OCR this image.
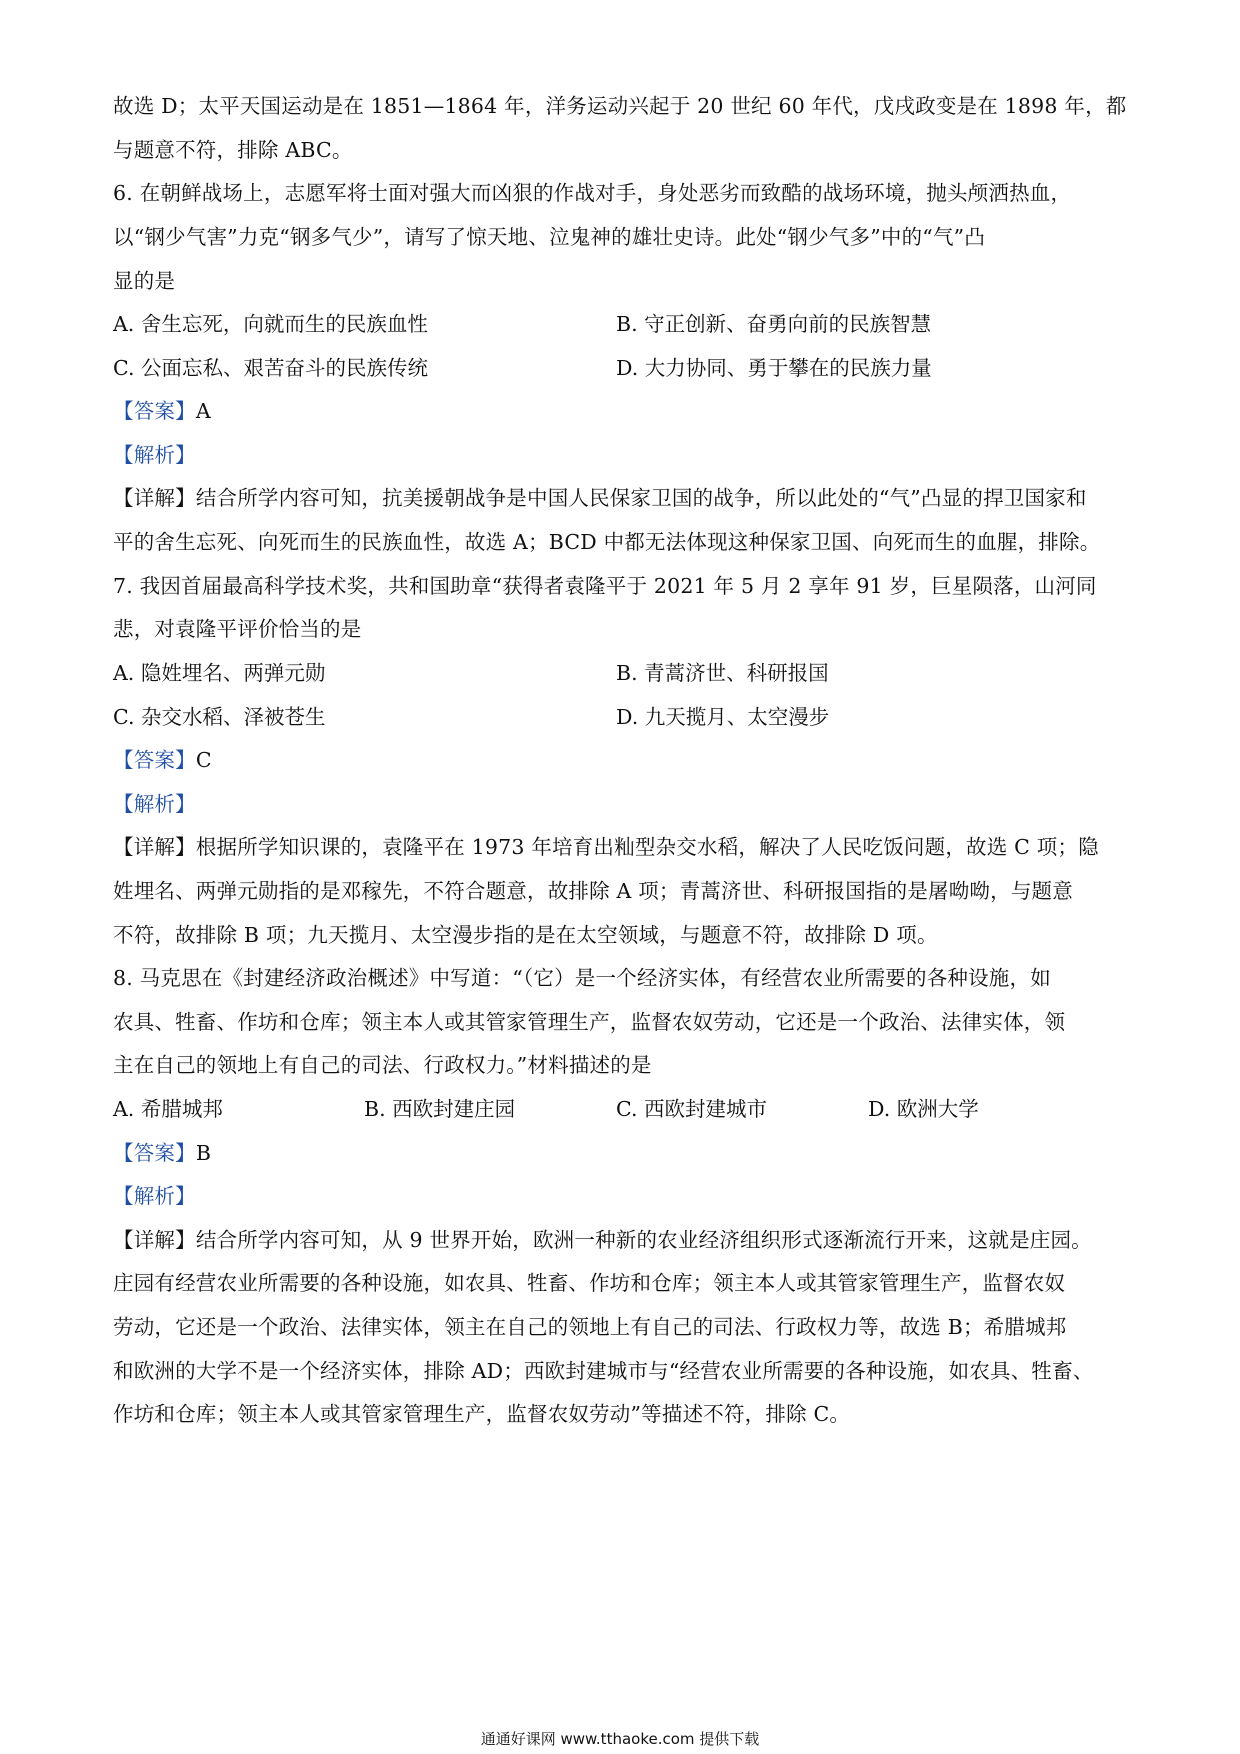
故选 D；太平天国运动是在 1851—1864 年，洋务运动兴起于 20 世纪 60 年代，戊戌政变是在 1898 年，都
与题意不符，排除 ABC。
6. 在朝鲜战场上，志愿军将士面对强大而凶狠的作战对手，身处恶劣而致酷的战场环境，抛头颅洒热血，
以“钢少气害”力克“钢多气少”，请写了惊天地、泣鬼神的雄壮史诗。此处“钢少气多”中的“气”凸
显的是
A. 舍生忘死，向就而生的民族血性	B. 守正创新、奋勇向前的民族智慧
C. 公面忘私、艰苦奋斗的民族传统	D. 大力协同、勇于攀在的民族力量
【答案】A
【解析】
【详解】结合所学内容可知，抗美援朝战争是中国人民保家卫国的战争，所以此处的“气”凸显的捍卫国家和
平的舍生忘死、向死而生的民族血性，故选 A；BCD 中都无法体现这种保家卫国、向死而生的血腥，排除。
7. 我因首届最高科学技术奖，共和国助章“获得者袁隆平于 2021 年 5 月 2 享年 91 岁，巨星陨落，山河同
悲，对袁隆平评价恰当的是
A. 隐姓埋名、两弹元勋	B. 青蒿济世、科研报国
C. 杂交水稻、泽被苍生	D. 九天揽月、太空漫步
【答案】C
【解析】
【详解】根据所学知识课的，袁隆平在 1973 年培育出籼型杂交水稻，解决了人民吃饭问题，故选 C 项；隐
姓埋名、两弹元勋指的是邓稼先，不符合题意，故排除 A 项；青蒿济世、科研报国指的是屠呦呦，与题意
不符，故排除 B 项；九天揽月、太空漫步指的是在太空领域，与题意不符，故排除 D 项。
8. 马克思在《封建经济政治概述》中写道：“（它）是一个经济实体，有经营农业所需要的各种设施，如
农具、牲畜、作坊和仓库；领主本人或其管家管理生产，监督农奴劳动，它还是一个政治、法律实体，领
主在自己的领地上有自己的司法、行政权力。”材料描述的是
A. 希腊城邦	B. 西欧封建庄园	C. 西欧封建城市	D. 欧洲大学
【答案】B
【解析】
【详解】结合所学内容可知，从 9 世界开始，欧洲一种新的农业经济组织形式逐渐流行开来，这就是庄园。
庄园有经营农业所需要的各种设施，如农具、牲畜、作坊和仓库；领主本人或其管家管理生产，监督农奴
劳动，它还是一个政治、法律实体，领主在自己的领地上有自己的司法、行政权力等，故选 B；希腊城邦
和欧洲的大学不是一个经济实体，排除 AD；西欧封建城市与“经营农业所需要的各种设施，如农具、牲畜、
作坊和仓库；领主本人或其管家管理生产，监督农奴劳动”等描述不符，排除 C。
通通好课网 www.tthaoke.com 提供下载
